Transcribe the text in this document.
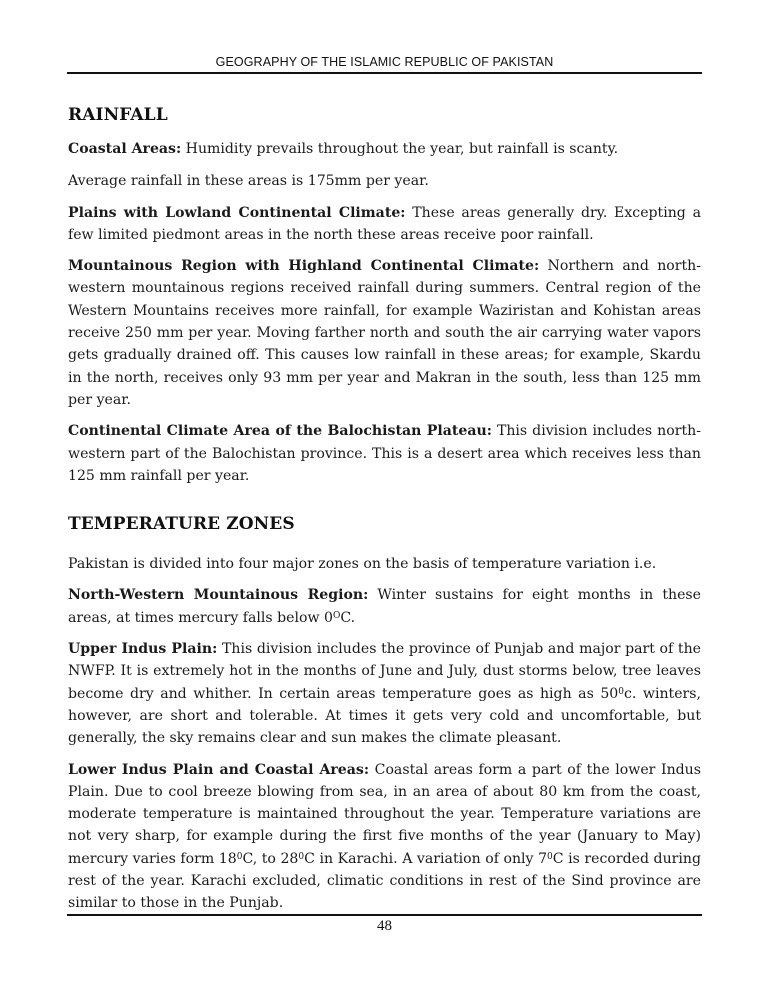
GEOGRAPHY OF THE ISLAMIC REPUBLIC OF PAKISTAN
RAINFALL

Coastal Areas: Humidity prevails throughout the year, but rainfall is scanty.

Average rainfall in these areas is 175mm per year.

Plains with Lowland Continental Climate: These areas generally dry. Excepting a few limited piedmont areas in the north these areas receive poor rainfall.

Mountainous Region with Highland Continental Climate: Northern and north-western mountainous regions received rainfall during summers. Central region of the Western Mountains receives more rainfall, for example Waziristan and Kohistan areas receive 250 mm per year. Moving farther north and south the air carrying water vapors gets gradually drained off. This causes low rainfall in these areas; for example, Skardu in the north, receives only 93 mm per year and Makran in the south, less than 125 mm per year.

Continental Climate Area of the Balochistan Plateau: This division includes north-western part of the Balochistan province. This is a desert area which receives less than 125 mm rainfall per year.

TEMPERATURE ZONES

Pakistan is divided into four major zones on the basis of temperature variation i.e.

North-Western Mountainous Region: Winter sustains for eight months in these areas, at times mercury falls below $0^OC$.

Upper Indus Plain: This division includes the province of Punjab and major part of the NWFP. It is extremely hot in the months of June and July, dust storms below, tree leaves become dry and whither. In certain areas temperature goes as high as $50^0c$. winters, however, are short and tolerable. At times it gets very cold and uncomfortable, but generally, the sky remains clear and sun makes the climate pleasant.

Lower Indus Plain and Coastal Areas: Coastal areas form a part of the lower Indus Plain. Due to cool breeze blowing from sea, in an area of about 80 km from the coast, moderate temperature is maintained throughout the year. Temperature variations are not very sharp, for example during the first five months of the year (January to May) mercury varies form $18^0C$, to $28^0C$ in Karachi. A variation of only $7^0C$ is recorded during rest of the year. Karachi excluded, climatic conditions in rest of the Sind province are similar to those in the Punjab.

48
